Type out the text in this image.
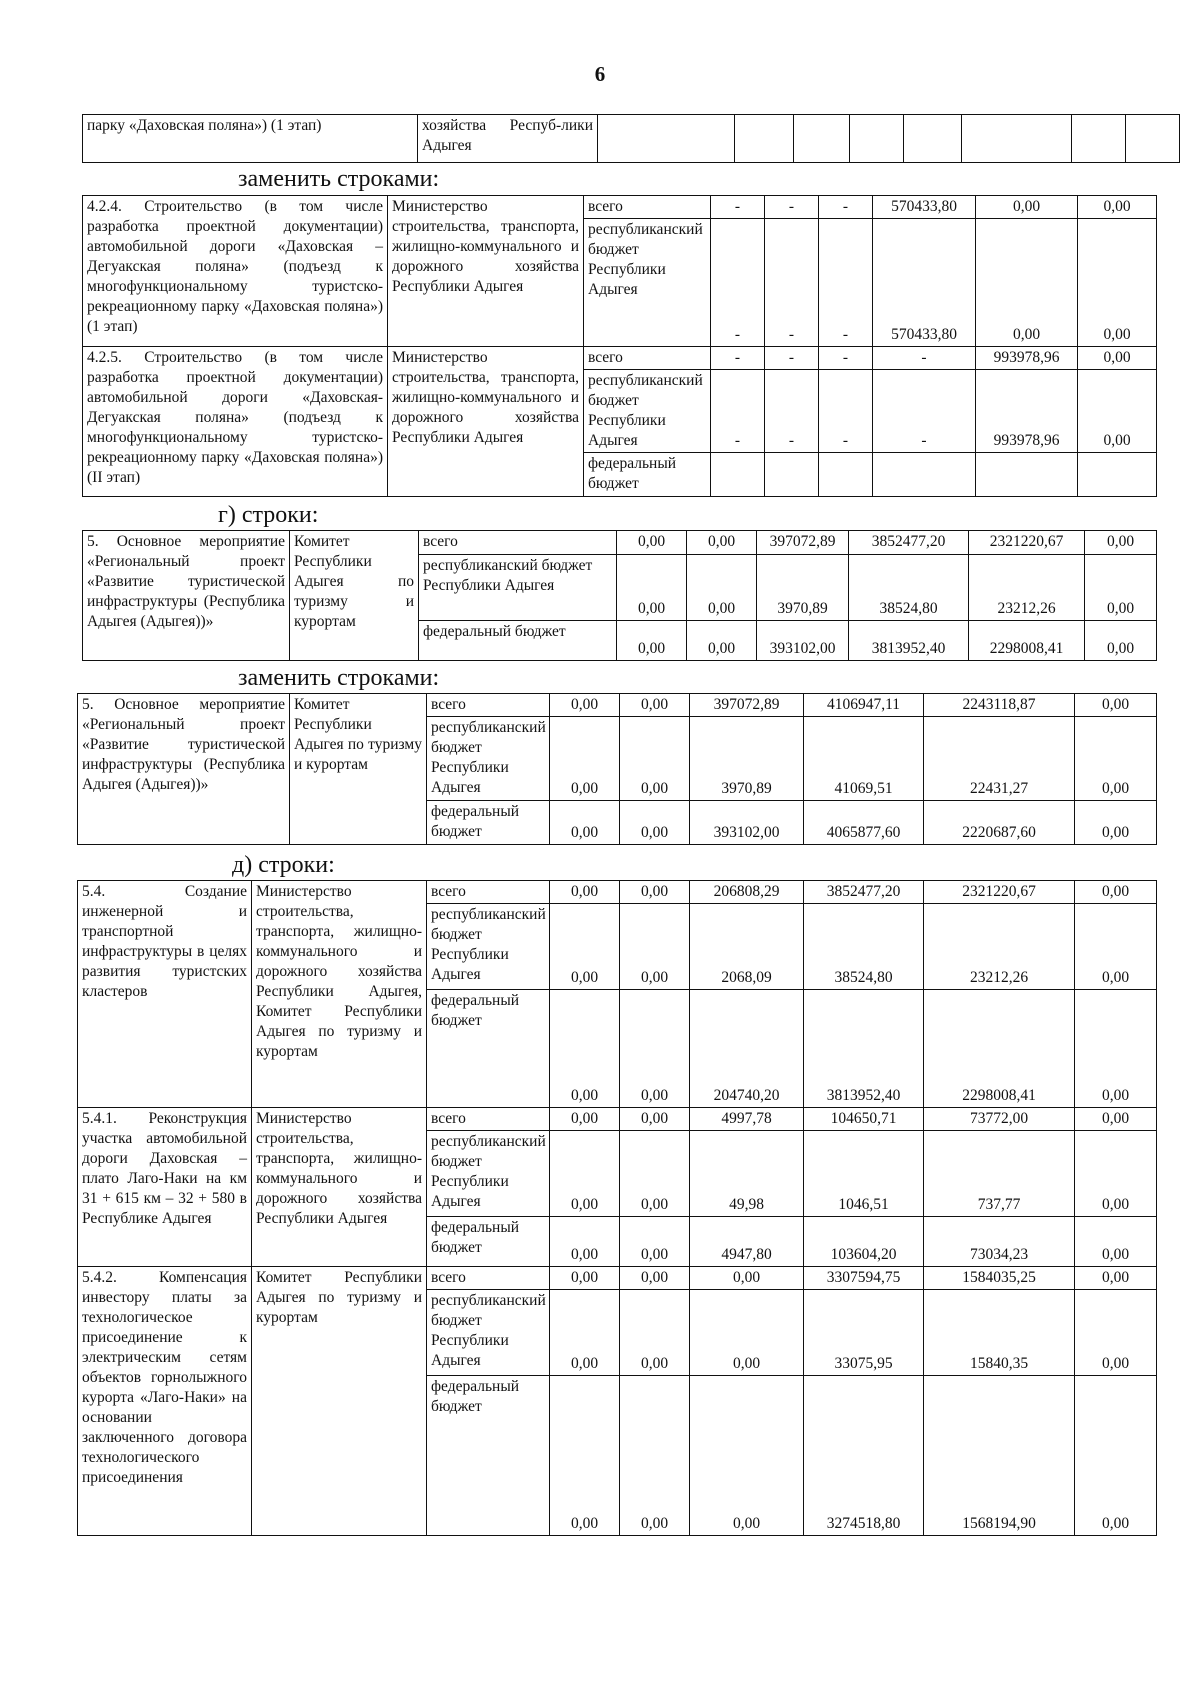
6
парку «Даховская поляна») (1 этап)	хозяйства Респуб-лики Адыгея								
заменить строками:
4.2.4. Строительство (в том числе разработка проектной документации) автомобильной дороги «Даховская – Дегуакская поляна» (подъезд к многофункциональному туристско-рекреационному парку «Даховская поляна») (1 этап)	Министерство строительства, транспорта, жилищно-коммунального и дорожного хозяйства Республики Адыгея	всего	-	-	-	570433,80	0,00	0,00
		республиканский бюджет Республики Адыгея	-	-	-	570433,80	0,00	0,00
4.2.5. Строительство (в том числе разработка проектной документации) автомобильной дороги «Даховская-Дегуакская поляна» (подъезд к многофункциональному туристско- рекреационному парку «Даховская поляна») (II этап)	Министерство строительства, транспорта, жилищно-коммунального и дорожного хозяйства Республики Адыгея	всего	-	-	-	-	993978,96	0,00
		республиканский бюджет Республики Адыгея	-	-	-	-	993978,96	0,00
		федеральный бюджет						
г) строки:
5. Основное мероприятие «Региональный проект «Развитие туристической инфраструктуры (Республика Адыгея (Адыгея))»	Комитет Республики Адыгея по туризму и курортам	всего	0,00	0,00	397072,89	3852477,20	2321220,67	0,00
		республиканский бюджет Республики Адыгея	0,00	0,00	3970,89	38524,80	23212,26	0,00
		федеральный бюджет	0,00	0,00	393102,00	3813952,40	2298008,41	0,00
заменить строками:
5. Основное мероприятие «Региональный проект «Развитие туристической инфраструктуры (Республика Адыгея (Адыгея))»	Комитет Республики Адыгея по туризму и курортам	всего	0,00	0,00	397072,89	4106947,11	2243118,87	0,00
		республиканский бюджет Республики Адыгея	0,00	0,00	3970,89	41069,51	22431,27	0,00
		федеральный бюджет	0,00	0,00	393102,00	4065877,60	2220687,60	0,00
д) строки:
5.4. Создание инженерной и транспортной инфраструктуры в целях развития туристских кластеров	Министерство строительства, транспорта, жилищно-коммунального и дорожного хозяйства Республики Адыгея, Комитет Республики Адыгея по туризму и курортам	всего	0,00	0,00	206808,29	3852477,20	2321220,67	0,00
		республиканский бюджет Республики Адыгея	0,00	0,00	2068,09	38524,80	23212,26	0,00
		федеральный бюджет	0,00	0,00	204740,20	3813952,40	2298008,41	0,00
5.4.1. Реконструкция участка автомобильной дороги Даховская – плато Лаго-Наки на км 31 + 615 км – 32 + 580 в Республике Адыгея	Министерство строительства, транспорта, жилищно-коммунального и дорожного хозяйства Республики Адыгея	всего	0,00	0,00	4997,78	104650,71	73772,00	0,00
		республиканский бюджет Республики Адыгея	0,00	0,00	49,98	1046,51	737,77	0,00
		федеральный бюджет	0,00	0,00	4947,80	103604,20	73034,23	0,00
5.4.2. Компенсация инвестору платы за технологическое присоединение к электрическим сетям объектов горнолыжного курорта «Лаго-Наки» на основании заключенного договора технологического присоединения	Комитет Республики Адыгея по туризму и курортам	всего	0,00	0,00	0,00	3307594,75	1584035,25	0,00
		республиканский бюджет Республики Адыгея	0,00	0,00	0,00	33075,95	15840,35	0,00
		федеральный бюджет	0,00	0,00	0,00	3274518,80	1568194,90	0,00
